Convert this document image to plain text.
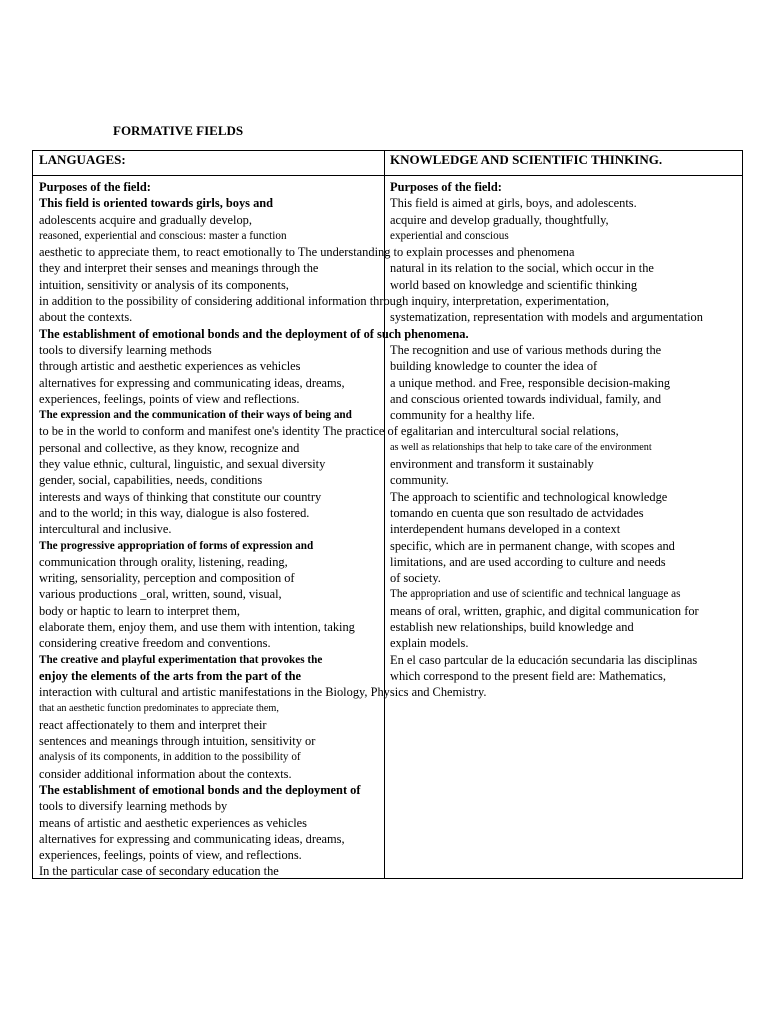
FORMATIVE FIELDS
LANGUAGES:	KNOWLEDGE AND SCIENTIFIC THINKING.
Purposes of the field:
This field is oriented towards girls, boys and
adolescents acquire and gradually develop,
reasoned, experiential and conscious: master a function
aesthetic to appreciate them, to react emotionally to The understanding to explain processes and phenomena
they and interpret their senses and meanings through the
intuition, sensitivity or analysis of its components,
in addition to the possibility of considering additional information through inquiry, interpretation, experimentation,
about the contexts.
The establishment of emotional bonds and the deployment of of such phenomena.
tools to diversify learning methods
through artistic and aesthetic experiences as vehicles
alternatives for expressing and communicating ideas, dreams,
experiences, feelings, points of view and reflections.
The expression and the communication of their ways of being and
to be in the world to conform and manifest one's identity The practice of egalitarian and intercultural social relations,
personal and collective, as they know, recognize and
they value ethnic, cultural, linguistic, and sexual diversity
gender, social, capabilities, needs, conditions
interests and ways of thinking that constitute our country
and to the world; in this way, dialogue is also fostered.
intercultural and inclusive.
The progressive appropriation of forms of expression and
communication through orality, listening, reading,
writing, sensoriality, perception and composition of
various productions _oral, written, sound, visual,
body or haptic to learn to interpret them,
elaborate them, enjoy them, and use them with intention, taking
considering creative freedom and conventions.
The creative and playful experimentation that provokes the
enjoy the elements of the arts from the part of the
interaction with cultural and artistic manifestations in the Biology, Physics and Chemistry.
that an aesthetic function predominates to appreciate them,
react affectionately to them and interpret their
sentences and meanings through intuition, sensitivity or
analysis of its components, in addition to the possibility of
consider additional information about the contexts.
The establishment of emotional bonds and the deployment of
tools to diversify learning methods by
means of artistic and aesthetic experiences as vehicles
alternatives for expressing and communicating ideas, dreams,
experiences, feelings, points of view, and reflections.
In the particular case of secondary education the
Purposes of the field:
This field is aimed at girls, boys, and adolescents.
acquire and develop gradually, thoughtfully,
experiential and conscious
natural in its relation to the social, which occur in the
world based on knowledge and scientific thinking
systematization, representation with models and argumentation
The recognition and use of various methods during the
building knowledge to counter the idea of
a unique method. and Free, responsible decision-making
and conscious oriented towards individual, family, and
community for a healthy life.
as well as relationships that help to take care of the environment
environment and transform it sustainably
community.
The approach to scientific and technological knowledge
tomando en cuenta que son resultado de actvidades
interdependent humans developed in a context
specific, which are in permanent change, with scopes and
limitations, and are used according to culture and needs
of society.
The appropriation and use of scientific and technical language as
means of oral, written, graphic, and digital communication for
establish new relationships, build knowledge and
explain models.
En el caso partcular de la educación secundaria las disciplinas
which correspond to the present field are: Mathematics,
